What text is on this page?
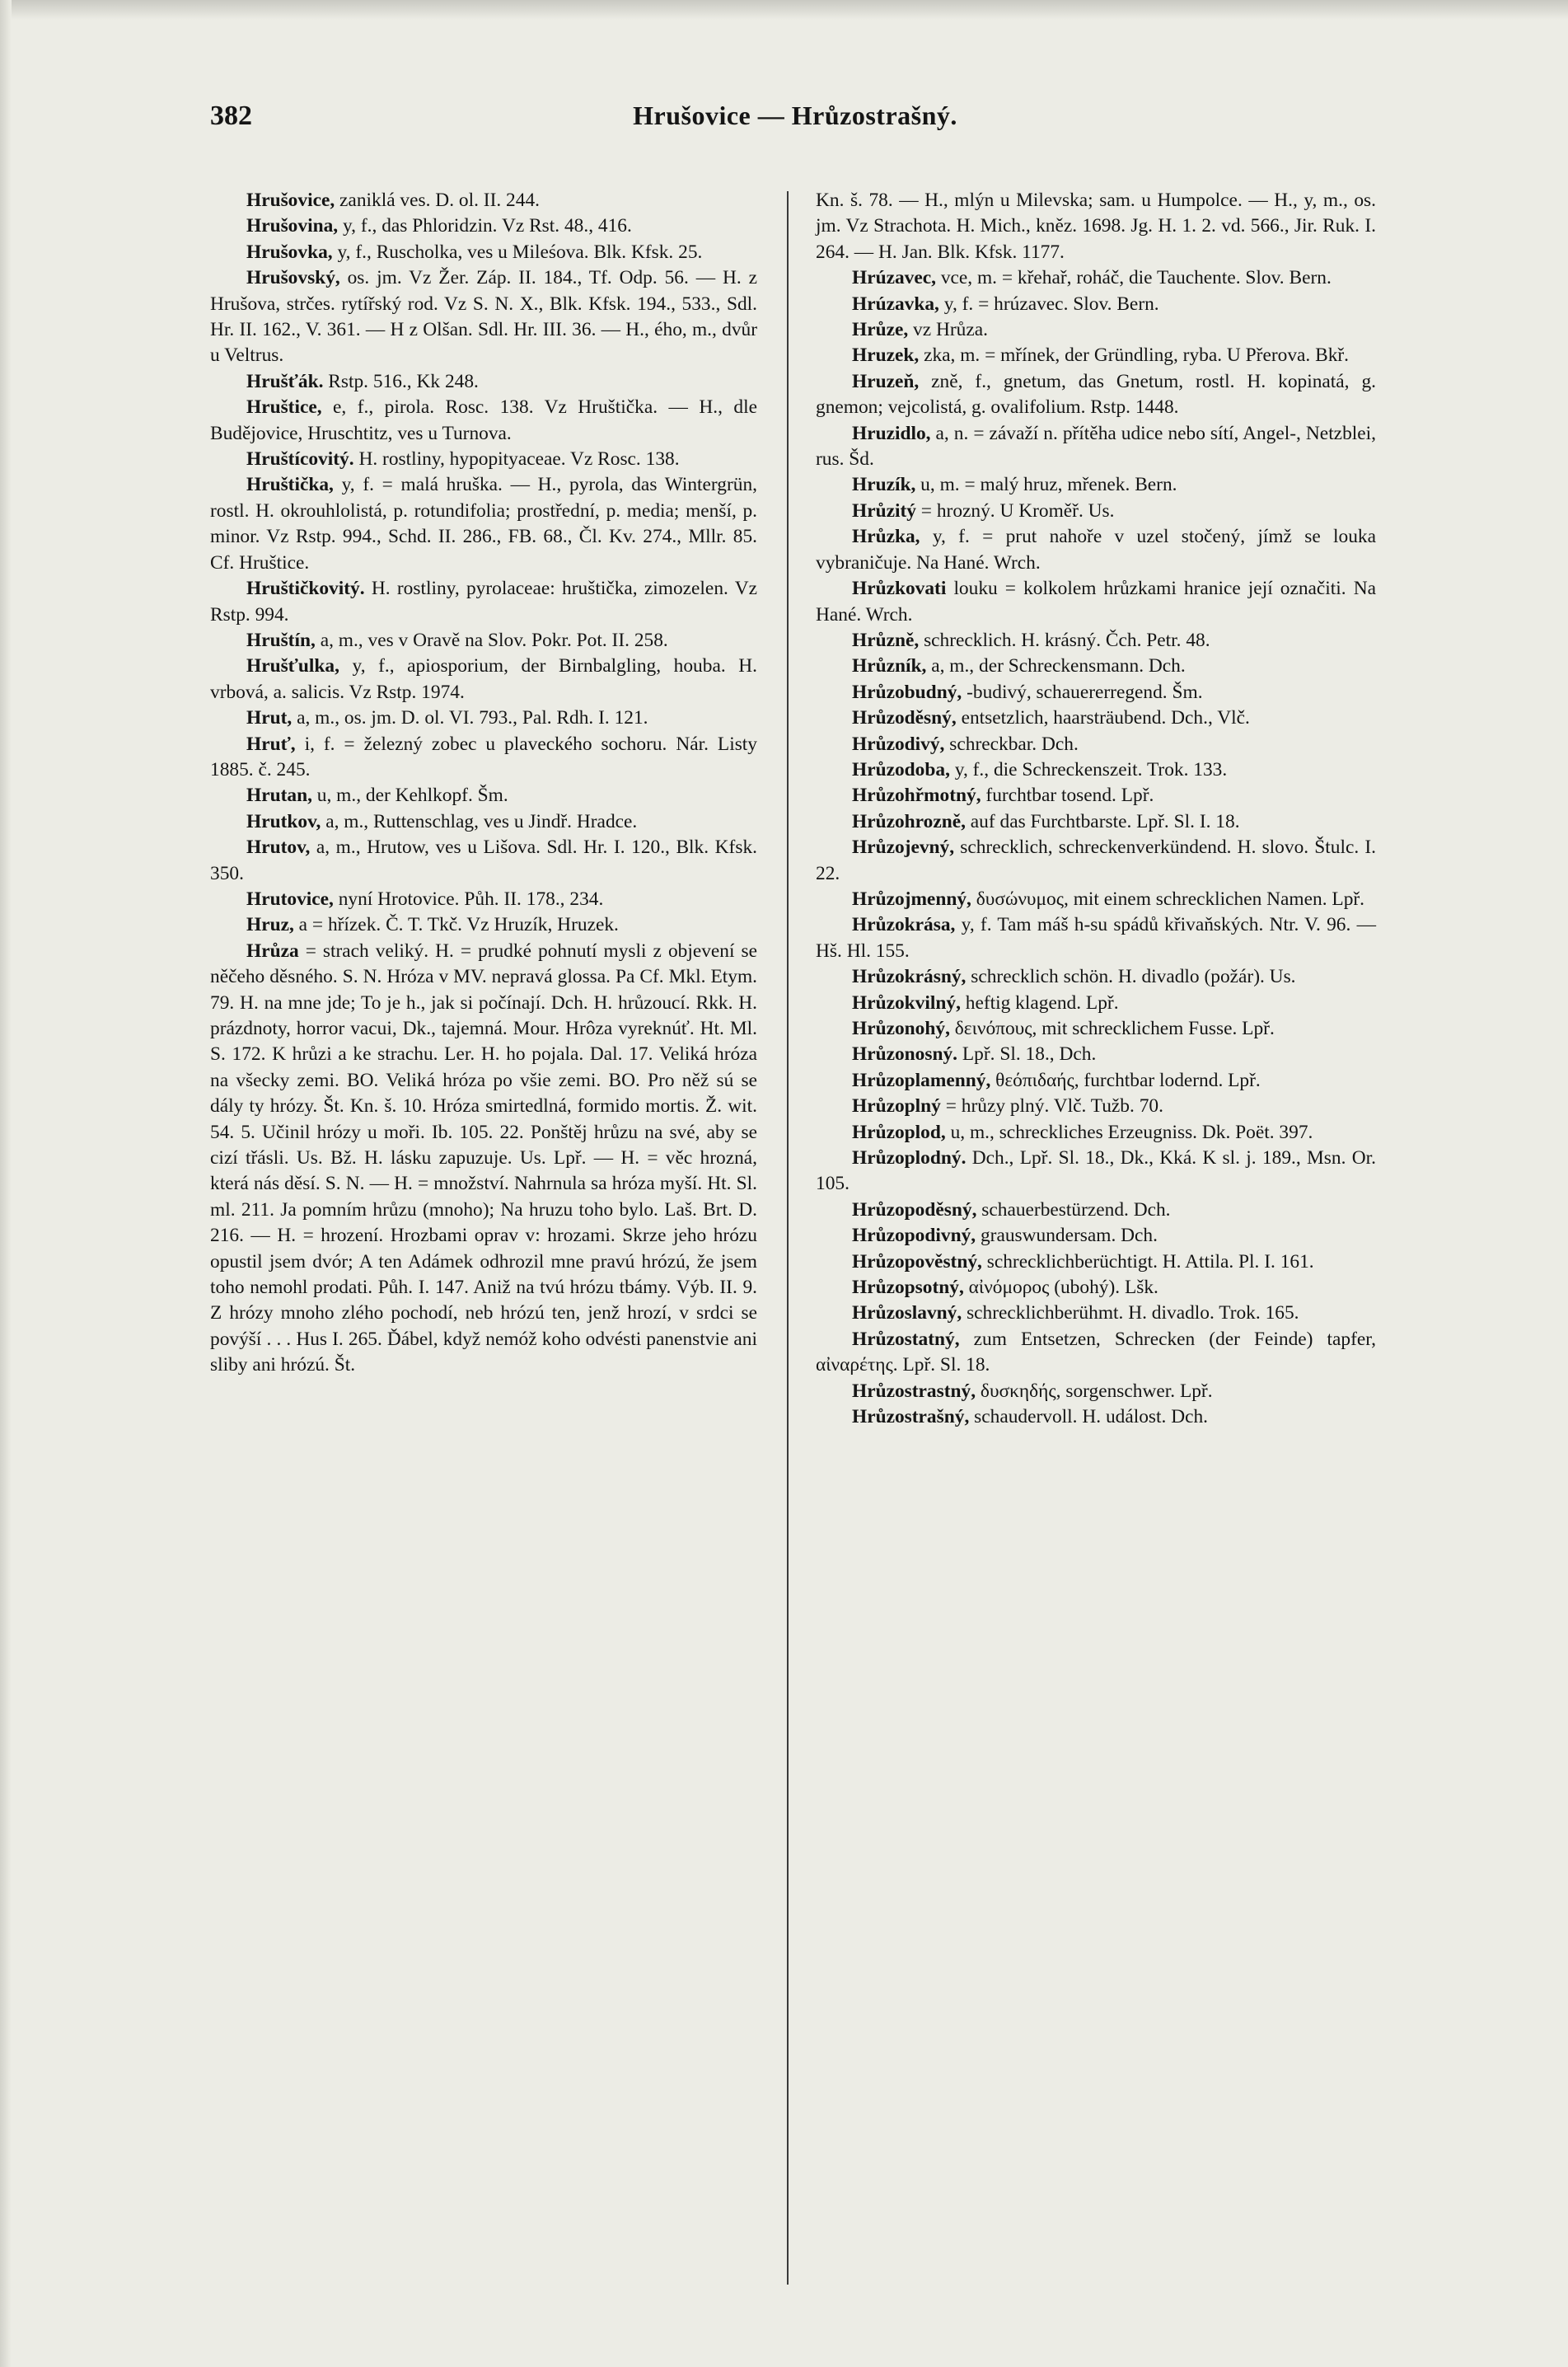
Hrušovice — Hrůzostrašný.
382

Hrušovice, zaniklá ves. D. ol. II. 244.

Hrušovina, y, f., das Phloridzin. Vz Rst. 48., 416.

Hrušovka, y, f., Ruscholka, ves u Mileśova. Blk. Kfsk. 25.

Hrušovský, os. jm. Vz Žer. Záp. II. 184., Tf. Odp. 56. — H. z Hrušova, strčes. rytířský rod. Vz S. N. X., Blk. Kfsk. 194., 533., Sdl. Hr. II. 162., V. 361. — H z Olšan. Sdl. Hr. III. 36. — H., ého, m., dvůr u Veltrus.

Hrušťák. Rstp. 516., Kk 248.

Hruštice, e, f., pirola. Rosc. 138. Vz Hruštička. — H., dle Budějovice, Hruschtitz, ves u Turnova.

Hruštícovitý. H. rostliny, hypopityaceae. Vz Rosc. 138.

Hruštička, y, f. = malá hruška. — H., pyrola, das Wintergrün, rostl. H. okrouhlolistá, p. rotundifolia; prostřední, p. media; menší, p. minor. Vz Rstp. 994., Schd. II. 286., FB. 68., Čl. Kv. 274., Mllr. 85. Cf. Hruštice.

Hruštičkovitý. H. rostliny, pyrolaceae: hruštička, zimozelen. Vz Rstp. 994.

Hruštín, a, m., ves v Oravě na Slov. Pokr. Pot. II. 258.

Hrušťulka, y, f., apiosporium, der Birnbalgling, houba. H. vrbová, a. salicis. Vz Rstp. 1974.

Hrut, a, m., os. jm. D. ol. VI. 793., Pal. Rdh. I. 121.

Hruť, i, f. = železný zobec u plaveckého sochoru. Nár. Listy 1885. č. 245.

Hrutan, u, m., der Kehlkopf. Šm.

Hrutkov, a, m., Ruttenschlag, ves u Jindř. Hradce.

Hrutov, a, m., Hrutow, ves u Lišova. Sdl. Hr. I. 120., Blk. Kfsk. 350.

Hrutovice, nyní Hrotovice. Půh. II. 178., 234.

Hruz, a = hřízek. Č. T. Tkč. Vz Hruzík, Hruzek.

Hrůza = strach veliký. H. = prudké pohnutí mysli z objevení se něčeho děsného. S. N. Hróza v MV. nepravá glossa. Pa Cf. Mkl. Etym. 79. H. na mne jde; To je h., jak si počínají. Dch. H. hrůzoucí. Rkk. H. prázdnoty, horror vacui, Dk., tajemná. Mour. Hrôza vyreknúť. Ht. Ml. S. 172. K hrůzi a ke strachu. Ler. H. ho pojala. Dal. 17. Veliká hróza na všecky zemi. BO. Veliká hróza po všie zemi. BO. Pro něž sú se dály ty hrózy. Št. Kn. š. 10. Hróza smirtedlná, formido mortis. Ž. wit. 54. 5. Učinil hrózy u moři. Ib. 105. 22. Ponštěj hrůzu na své, aby se cizí třásli. Us. Bž. H. lásku zapuzuje. Us. Lpř. — H. = věc hrozná, která nás děsí. S. N. — H. = množství. Nahrnula sa hróza myší. Ht. Sl. ml. 211. Ja pomním hrůzu (mnoho); Na hruzu toho bylo. Laš. Brt. D. 216. — H. = hrození. Hrozbami oprav v: hrozami. Skrze jeho hrózu opustil jsem dvór; A ten Adámek odhrozil mne pravú hrózú, že jsem toho nemohl prodati. Půh. I. 147. Aniž na tvú hrózu tbámy. Výb. II. 9. Z hrózy mnoho zlého pochodí, neb hrózú ten, jenž hrozí, v srdci se povýší . . . Hus I. 265. Ďábel, když nemóž koho odvésti panenstvie ani sliby ani hrózú. Št.

Kn. š. 78. — H., mlýn u Milevska; sam. u Humpolce. — H., y, m., os. jm. Vz Strachota. H. Mich., kněz. 1698. Jg. H. 1. 2. vd. 566., Jir. Ruk. I. 264. — H. Jan. Blk. Kfsk. 1177.

Hrúzavec, vce, m. = křehař, roháč, die Tauchente. Slov. Bern.

Hrúzavka, y, f. = hrúzavec. Slov. Bern.

Hrůze, vz Hrůza.

Hruzek, zka, m. = mřínek, der Gründling, ryba. U Přerova. Bkř.

Hruzeň, zně, f., gnetum, das Gnetum, rostl. H. kopinatá, g. gnemon; vejcolistá, g. ovalifolium. Rstp. 1448.

Hruzidlo, a, n. = závaží n. přítěha udice nebo sítí, Angel-, Netzblei, rus. Šd.

Hruzík, u, m. = malý hruz, mřenek. Bern.

Hrůzitý = hrozný. U Kroměř. Us.

Hrůzka, y, f. = prut nahoře v uzel stočený, jímž se louka vybraničuje. Na Hané. Wrch.

Hrůzkovati louku = kolkolem hrůzkami hranice její označiti. Na Hané. Wrch.

Hrůzně, schrecklich. H. krásný. Čch. Petr. 48.

Hrůzník, a, m., der Schreckensmann. Dch.

Hrůzobudný, -budivý, schauererregend. Šm.

Hrůzoděsný, entsetzlich, haarsträubend. Dch., Vlč.

Hrůzodivý, schreckbar. Dch.

Hrůzodoba, y, f., die Schreckenszeit. Trok. 133.

Hrůzohřmotný, furchtbar tosend. Lpř.

Hrůzohrozně, auf das Furchtbarste. Lpř. Sl. I. 18.

Hrůzojevný, schrecklich, schreckenverkündend. H. slovo. Štulc. I. 22.

Hrůzojmenný, δυσώνυμος, mit einem schrecklichen Namen. Lpř.

Hrůzokrása, y, f. Tam máš h-su spádů křivaňských. Ntr. V. 96. — Hš. Hl. 155.

Hrůzokrásný, schrecklich schön. H. divadlo (požár). Us.

Hrůzokvilný, heftig klagend. Lpř.

Hrůzonohý, δεινόπους, mit schrecklichem Fusse. Lpř.

Hrůzonosný. Lpř. Sl. 18., Dch.

Hrůzoplamenný, θεόπιδαής, furchtbar lodernd. Lpř.

Hrůzoplný = hrůzy plný. Vlč. Tužb. 70.

Hrůzoplod, u, m., schreckliches Erzeugniss. Dk. Poët. 397.

Hrůzoplodný. Dch., Lpř. Sl. 18., Dk., Kká. K sl. j. 189., Msn. Or. 105.

Hrůzopoděsný, schauerbestürzend. Dch.

Hrůzopodivný, grauswundersam. Dch.

Hrůzopověstný, schrecklichberüchtigt. H. Attila. Pl. I. 161.

Hrůzopsotný, αἰνόμορος (ubohý). Lšk.

Hrůzoslavný, schrecklichberühmt. H. divadlo. Trok. 165.

Hrůzostatný, zum Entsetzen, Schrecken (der Feinde) tapfer, αἰναρέτης. Lpř. Sl. 18.

Hrůzostrastný, δυσκηδής, sorgenschwer. Lpř.

Hrůzostrašný, schaudervoll. H. událost. Dch.
